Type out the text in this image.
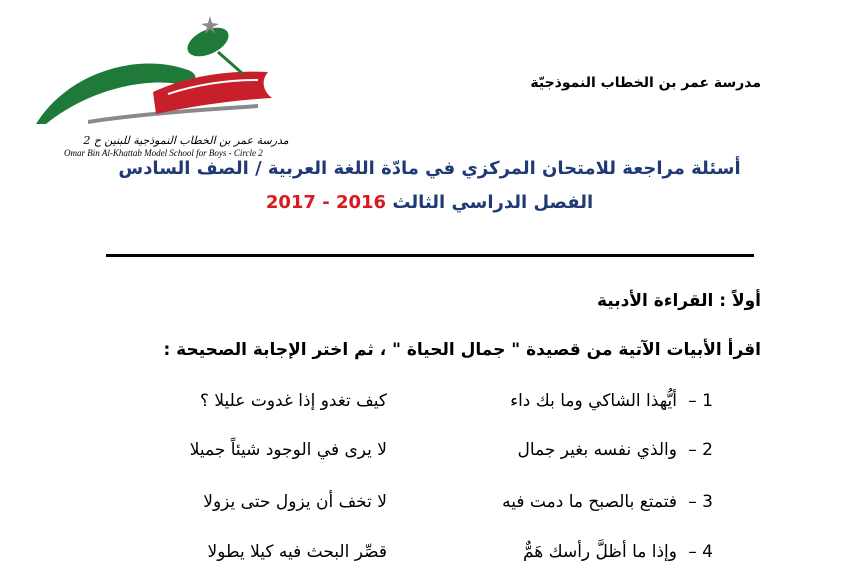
مدرسة عمر بن الخطاب النموذجية للبنين ح 2
Omar Bin Al-Khattab Model School for Boys - Circle 2
مدرسة عمر بن الخطاب النموذجيّة
أسئلة مراجعة للامتحان المركزي في مادّة اللغة العربية / الصف السادس
الفصل الدراسي الثالث 2016 - 2017
أولاً : القراءة الأدبية
اقرأ الأبيات الآتية من قصيدة " جمال الحياة " ، ثم اختر الإجابة الصحيحة :
1 –
أيُّهذا الشاكي وما بك داء
كيف تغدو إذا غدوت عليلا ؟
2 –
والذي نفسه بغير جمال
لا يرى في الوجود شيئاً جميلا
3 –
فتمتع بالصبح ما دمت فيه
لا تخف أن يزول حتى يزولا
4 –
وإذا ما أظلَّ رأسك هَمٌّ
قصِّر البحث فيه كيلا يطولا
